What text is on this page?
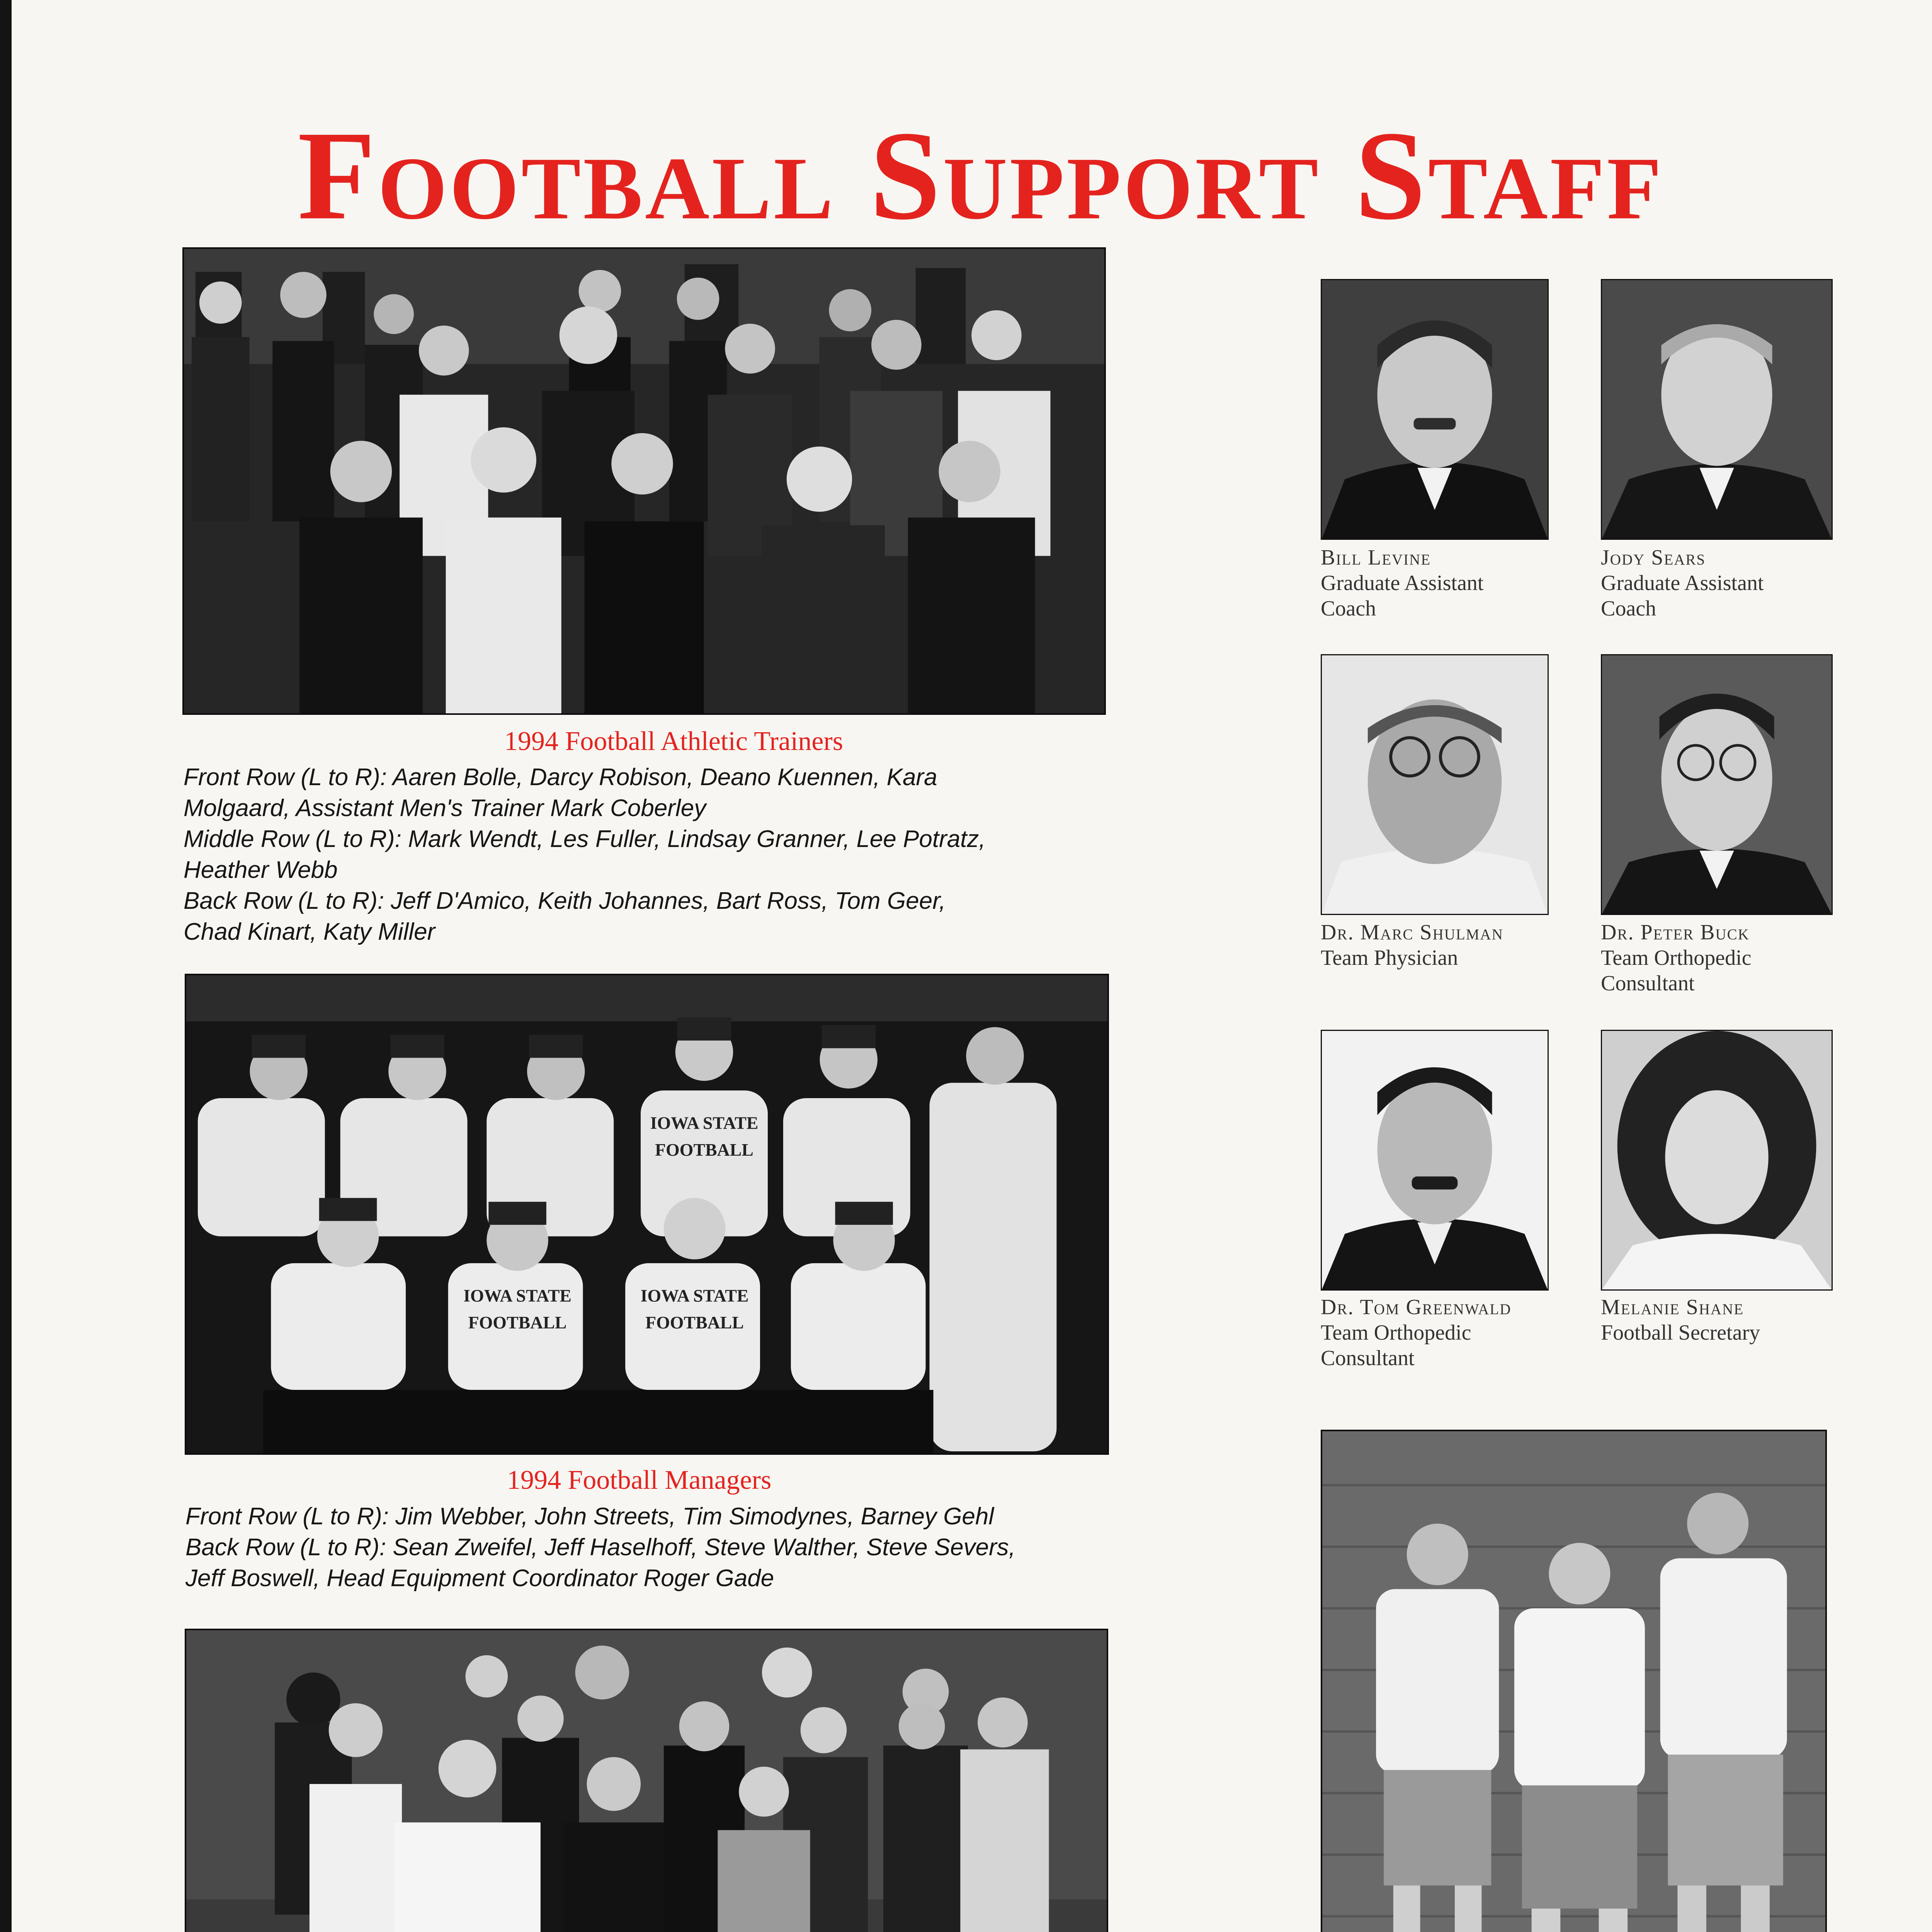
Football Support Staff
1994 Football Athletic Trainers
Front Row (L to R): Aaren Bolle, Darcy Robison, Deano Kuennen, Kara
Molgaard, Assistant Men's Trainer Mark Coberley
Middle Row (L to R): Mark Wendt, Les Fuller, Lindsay Granner, Lee Potratz,
Heather Webb
Back Row (L to R): Jeff D'Amico, Keith Johannes, Bart Ross, Tom Geer,
Chad Kinart, Katy Miller
IOWA STATE
FOOTBALL
IOWA STATE
FOOTBALL
IOWA STATE
FOOTBALL
1994 Football Managers
Front Row (L to R): Jim Webber, John Streets, Tim Simodynes, Barney Gehl
Back Row (L to R): Sean Zweifel, Jeff Haselhoff, Steve Walther, Steve Severs,
Jeff Boswell, Head Equipment Coordinator Roger Gade
Bill Levine
Graduate Assistant
Coach
Jody Sears
Graduate Assistant
Coach
Dr. Marc Shulman
Team Physician
Dr. Peter Buck
Team Orthopedic
Consultant
Dr. Tom Greenwald
Team Orthopedic
Consultant
Melanie Shane
Football Secretary
